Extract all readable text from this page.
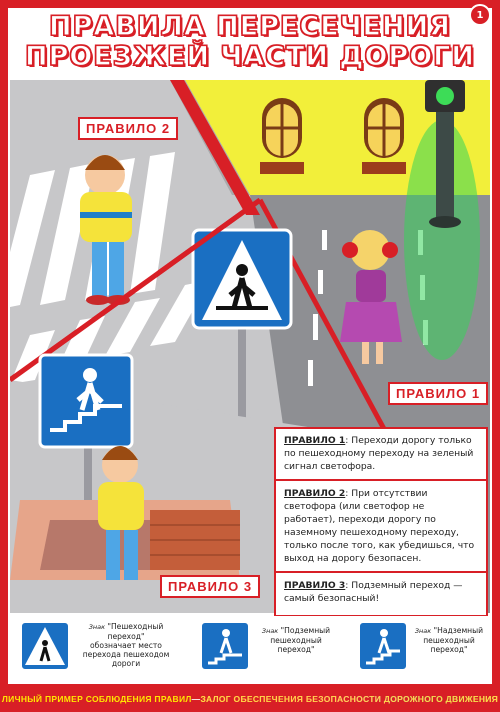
ПРАВИЛА ПЕРЕСЕЧЕНИЯ
ПРОЕЗЖЕЙ ЧАСТИ ДОРОГИ
1
ПРАВИЛО 2
ПРАВИЛО 1
ПРАВИЛО 3

ПРАВИЛО 1: Переходи дорогу только по пешеходному переходу на зеленый сигнал светофора.

ПРАВИЛО 2: При отсутствии светофора (или светофор не работает), переходи дорогу по наземному пешеходному переходу, только после того, как убедишься, что выход на дорогу безопасен.

ПРАВИЛО 3: Подземный переход — самый безопасный!

Знак "Пешеходный переход"
обозначает место перехода пешеходом дороги
Знак "Подземный пешеходный переход"
Знак "Надземный пешеходный переход"
ЛИЧНЫЙ ПРИМЕР СОБЛЮДЕНИЯ ПРАВИЛ — ЗАЛОГ ОБЕСПЕЧЕНИЯ БЕЗОПАСНОСТИ ДОРОЖНОГО ДВИЖЕНИЯ
